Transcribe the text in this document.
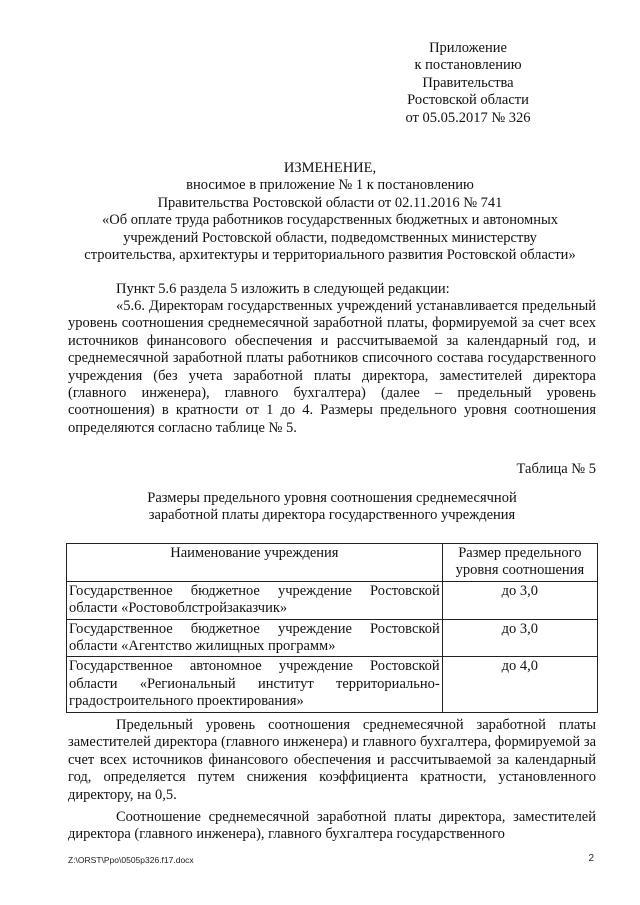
Приложение
к постановлению
Правительства
Ростовской области
от 05.05.2017 № 326
ИЗМЕНЕНИЕ,
вносимое в приложение № 1 к постановлению
Правительства Ростовской области от 02.11.2016 № 741
«Об оплате труда работников государственных бюджетных и автономных
учреждений Ростовской области, подведомственных министерству
строительства, архитектуры и территориального развития Ростовской области»
Пункт 5.6 раздела 5 изложить в следующей редакции:
«5.6. Директорам государственных учреждений устанавливается предельный уровень соотношения среднемесячной заработной платы, формируемой за счет всех источников финансового обеспечения и рассчитываемой за календарный год, и среднемесячной заработной платы работников списочного состава государственного учреждения (без учета заработной платы директора, заместителей директора (главного инженера), главного бухгалтера) (далее – предельный уровень соотношения) в кратности от 1 до 4. Размеры предельного уровня соотношения определяются согласно таблице № 5.
Таблица № 5
Размеры предельного уровня соотношения среднемесячной
заработной платы директора государственного учреждения
Наименование учреждения	Размер предельного уровня соотношения
Государственное бюджетное учреждение Ростовской области «Ростовоблстройзаказчик»	до 3,0
Государственное бюджетное учреждение Ростовской области «Агентство жилищных программ»	до 3,0
Государственное автономное учреждение Ростовской области «Региональный институт территориально-градостроительного проектирования»	до 4,0
Предельный уровень соотношения среднемесячной заработной платы заместителей директора (главного инженера) и главного бухгалтера, формируемой за счет всех источников финансового обеспечения и рассчитываемой за календарный год, определяется путем снижения коэффициента кратности, установленного директору, на 0,5.
Соотношение среднемесячной заработной платы директора, заместителей директора (главного инженера), главного бухгалтера государственного
Z:\ORST\Ppo\0505p326.f17.docx	2
